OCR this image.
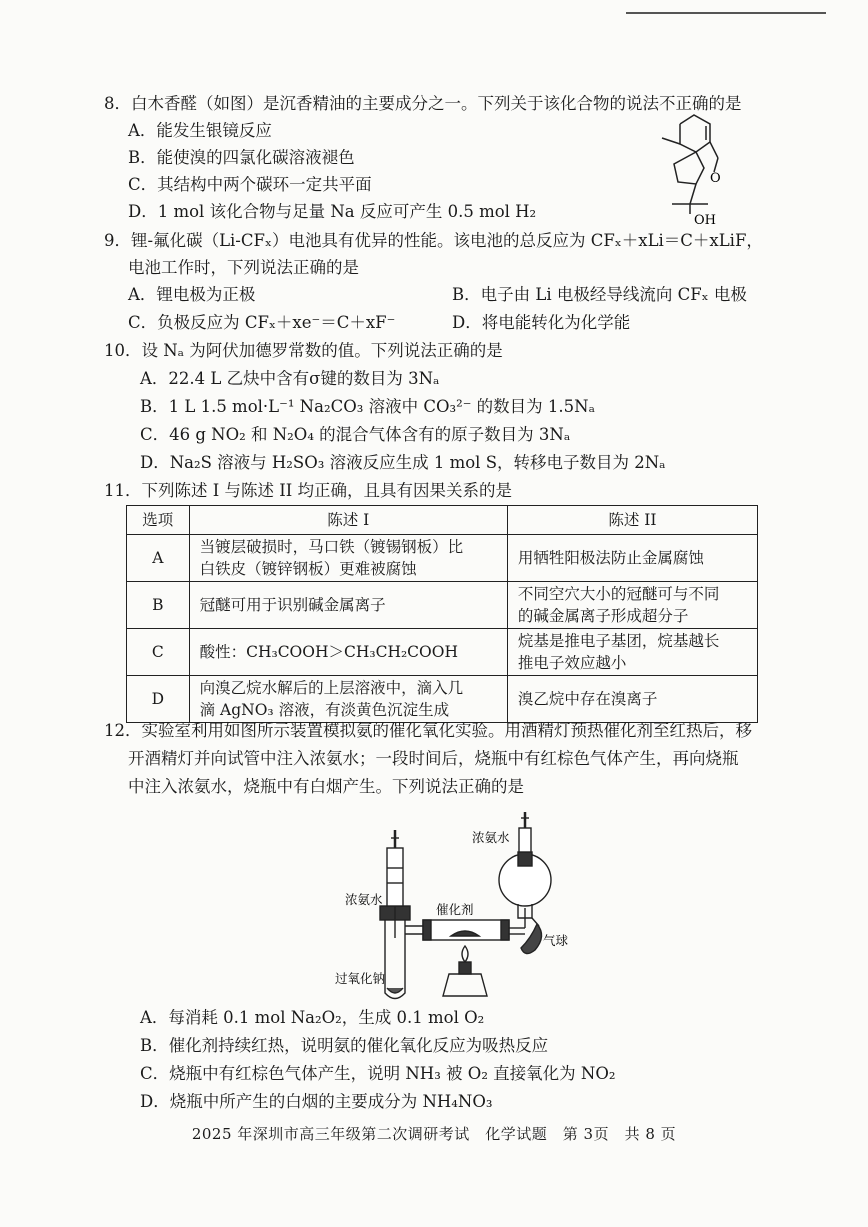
8．白木香醛（如图）是沉香精油的主要成分之一。下列关于该化合物的说法不正确的是
A．能发生银镜反应
B．能使溴的四氯化碳溶液褪色
C．其结构中两个碳环一定共平面
D．1 mol 该化合物与足量 Na 反应可产生 0.5 mol H₂
O
OH
9．锂-氟化碳（Li-CFₓ）电池具有优异的性能。该电池的总反应为 CFₓ＋xLi＝C＋xLiF，
电池工作时，下列说法正确的是
A．锂电极为正极	B．电子由 Li 电极经导线流向 CFₓ 电极
C．负极反应为 CFₓ＋xe⁻＝C＋xF⁻	D．将电能转化为化学能
10．设 Nₐ 为阿伏加德罗常数的值。下列说法正确的是
A．22.4 L 乙炔中含有σ键的数目为 3Nₐ
B．1 L 1.5 mol·L⁻¹ Na₂CO₃ 溶液中 CO₃²⁻ 的数目为 1.5Nₐ
C．46 g NO₂ 和 N₂O₄ 的混合气体含有的原子数目为 3Nₐ
D．Na₂S 溶液与 H₂SO₃ 溶液反应生成 1 mol S，转移电子数目为 2Nₐ
11．下列陈述 I 与陈述 II 均正确，且具有因果关系的是
选项	陈述 I	陈述 II
A	当镀层破损时，马口铁（镀锡钢板）比
白铁皮（镀锌钢板）更难被腐蚀	用牺牲阳极法防止金属腐蚀

B	冠醚可用于识别碱金属离子	不同空穴大小的冠醚可与不同
的碱金属离子形成超分子

C	酸性：CH₃COOH＞CH₃CH₂COOH	烷基是推电子基团，烷基越长
推电子效应越小

D	向溴乙烷水解后的上层溶液中，滴入几
滴 AgNO₃ 溶液，有淡黄色沉淀生成	溴乙烷中存在溴离子
12．实验室利用如图所示装置模拟氨的催化氧化实验。用酒精灯预热催化剂至红热后，移
开酒精灯并向试管中注入浓氨水；一段时间后，烧瓶中有红棕色气体产生，再向烧瓶
中注入浓氨水，烧瓶中有白烟产生。下列说法正确的是
浓氨水
浓氨水
催化剂
气球
过氧化钠
A．每消耗 0.1 mol Na₂O₂，生成 0.1 mol O₂
B．催化剂持续红热，说明氨的催化氧化反应为吸热反应
C．烧瓶中有红棕色气体产生，说明 NH₃ 被 O₂ 直接氧化为 NO₂
D．烧瓶中所产生的白烟的主要成分为 NH₄NO₃
2025 年深圳市高三年级第二次调研考试　化学试题　第 3页　共 8 页
